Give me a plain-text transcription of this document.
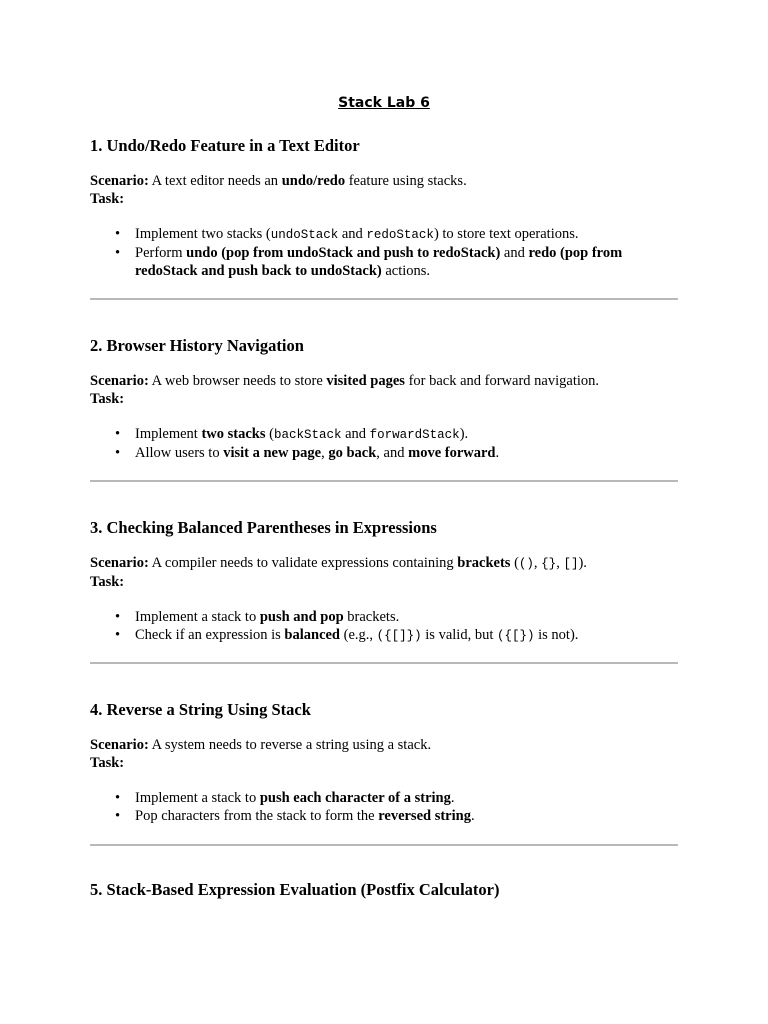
Stack Lab 6
1. Undo/Redo Feature in a Text Editor

Scenario: A text editor needs an undo/redo feature using stacks.

Task:

• Implement two stacks (undoStack and redoStack) to store text operations.
• Perform undo (pop from undoStack and push to redoStack) and redo (pop from redoStack and push back to undoStack) actions.
2. Browser History Navigation

Scenario: A web browser needs to store visited pages for back and forward navigation.

Task:

• Implement two stacks (backStack and forwardStack).
• Allow users to visit a new page, go back, and move forward.
3. Checking Balanced Parentheses in Expressions

Scenario: A compiler needs to validate expressions containing brackets ((), {}, []).

Task:

• Implement a stack to push and pop brackets.
• Check if an expression is balanced (e.g., ({[]}) is valid, but ({[}) is not).
4. Reverse a String Using Stack

Scenario: A system needs to reverse a string using a stack.

Task:

• Implement a stack to push each character of a string.
• Pop characters from the stack to form the reversed string.
5. Stack-Based Expression Evaluation (Postfix Calculator)
